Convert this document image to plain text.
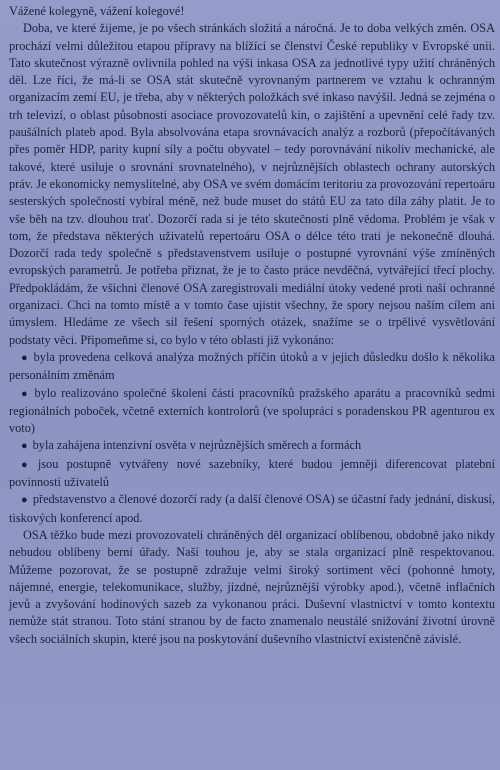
Vážené kolegyně, vážení kolegové!

Doba, ve které žijeme, je po všech stránkách složitá a náročná. Je to doba velkých změn. OSA prochází velmi důležitou etapou přípravy na blížící se členství České republiky v Evropské unii. Tato skutečnost výrazně ovlivnila pohled na výši inkasa OSA za jednotlivé typy užití chráněných děl. Lze říci, že má-li se OSA stát skutečně vyrovnaným partnerem ve vztahu k ochranným organizacím zemí EU, je třeba, aby v některých položkách své inkaso navýšil. Jedná se zejména o trh televizí, o oblast působnosti asociace provozovatelů kin, o zajištění a upevnění celé řady tzv. paušálních plateb apod. Byla absolvována etapa srovnávacích analýz a rozborů (přepočítávaných přes poměr HDP, parity kupní síly a počtu obyvatel – tedy porovnávání nikoliv mechanické, ale takové, které usiluje o srovnání srovnatelného), v nejrůznějších oblastech ochrany autorských práv. Je ekonomicky nemyslitelné, aby OSA ve svém domácím teritoriu za provozování repertoáru sesterských společností vybíral méně, než bude muset do států EU za tato díla záhy platit. Je to vše běh na tzv. dlouhou trať. Dozorčí rada si je této skutečnosti plně vědoma. Problém je však v tom, že představa některých uživatelů repertoáru OSA o délce této trati je nekonečně dlouhá. Dozorčí rada tedy společně s představenstvem usiluje o postupné vyrovnání výše zmíněných evropských parametrů. Je potřeba přiznat, že je to často práce nevděčná, vytvářející třecí plochy. Předpokládám, že všichni členové OSA zaregistrovali mediální útoky vedené proti naší ochranné organizaci. Chci na tomto místě a v tomto čase ujistit všechny, že spory nejsou naším cílem ani úmyslem. Hledáme ze všech sil řešení sporných otázek, snažíme se o trpělivé vysvětlování podstaty věci. Připomeňme si, co bylo v této oblasti již vykonáno:

● byla provedena celková analýza možných příčin útoků a v jejich důsledku došlo k několika personálním změnám

● bylo realizováno společné školení části pracovníků pražského aparátu a pracovníků sedmi regionálních poboček, včetně externích kontrolorů (ve spolupráci s poradenskou PR agenturou ex voto)

● byla zahájena intenzivní osvěta v nejrůznějších směrech a formách

● jsou postupně vytvářeny nové sazebníky, které budou jemněji diferencovat platební povinnosti uživatelů

● představenstvo a členové dozorčí rady (a další členové OSA) se účastní řady jednání, diskusí, tiskových konferencí apod.

OSA těžko bude mezi provozovateli chráněných děl organizací oblíbenou, obdobně jako nikdy nebudou oblíbeny berní úřady. Naší touhou je, aby se stala organizací plně respektovanou. Můžeme pozorovat, že se postupně zdražuje velmi široký sortiment věcí (pohonné hmoty, nájemné, energie, telekomunikace, služby, jízdné, nejrůznější výrobky apod.), včetně inflačních jevů a zvyšování hodinových sazeb za vykonanou práci. Duševní vlastnictví v tomto kontextu nemůže stát stranou. Toto stání stranou by de facto znamenalo neustálé snižování životní úrovně všech sociálních skupin, které jsou na poskytování duševního vlastnictví existenčně závislé.
